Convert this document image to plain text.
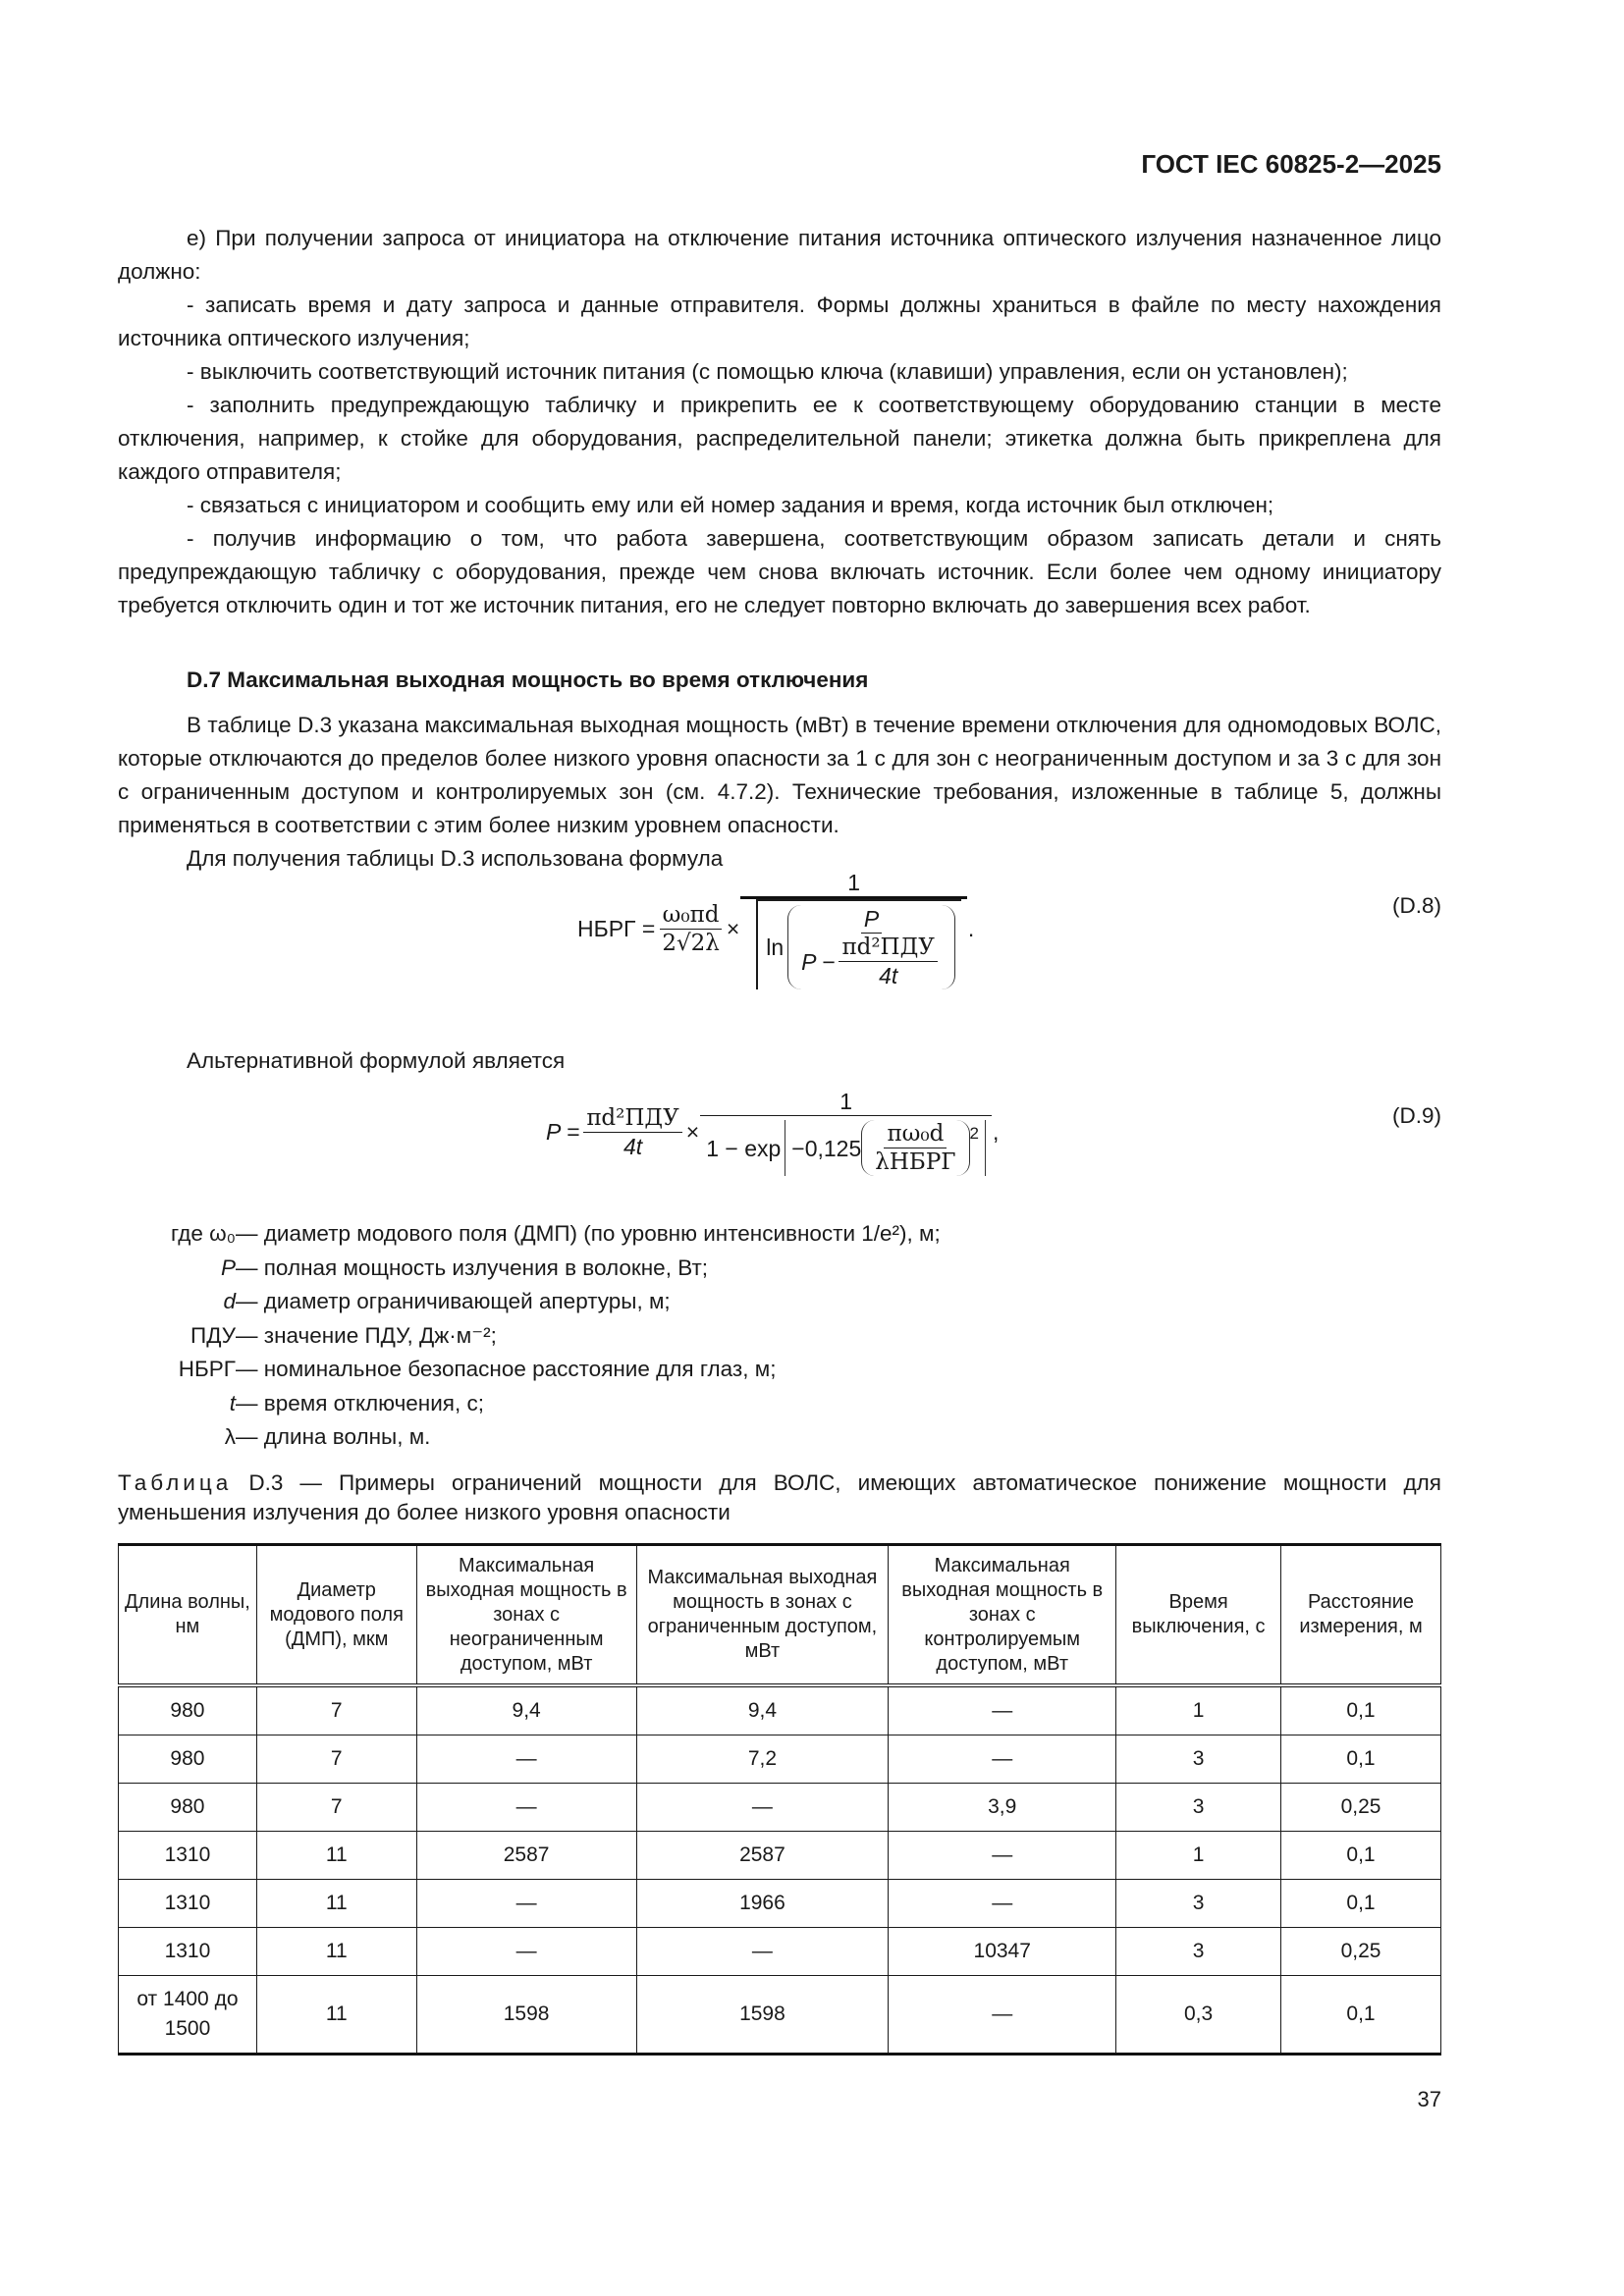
ГОСТ IEC 60825-2—2025

е) При получении запроса от инициатора на отключение питания источника оптического излучения назначенное лицо должно:

- записать время и дату запроса и данные отправителя. Формы должны храниться в файле по месту нахождения источника оптического излучения;

- выключить соответствующий источник питания (с помощью ключа (клавиши) управления, если он установлен);

- заполнить предупреждающую табличку и прикрепить ее к соответствующему оборудованию станции в месте отключения, например, к стойке для оборудования, распределительной панели; этикетка должна быть прикреплена для каждого отправителя;

- связаться с инициатором и сообщить ему или ей номер задания и время, когда источник был отключен;

- получив информацию о том, что работа завершена, соответствующим образом записать детали и снять предупреждающую табличку с оборудования, прежде чем снова включать источник. Если более чем одному инициатору требуется отключить один и тот же источник питания, его не следует повторно включать до завершения всех работ.

D.7 Максимальная выходная мощность во время отключения

В таблице D.3 указана максимальная выходная мощность (мВт) в течение времени отключения для одномодовых ВОЛС, которые отключаются до пределов более низкого уровня опасности за 1 с для зон с неограниченным доступом и за 3 с для зон с ограниченным доступом и контролируемых зон (см. 4.7.2). Технические требования, изложенные в таблице 5, должны применяться в соответствии с этим более низким уровнем опасности.

Для получения таблицы D.3 использована формула

НБРГ = $\frac{\text{ω₀πd}}{2√2\lambda} \times \frac{1}{\ln \frac{P}{P - \frac{\text{πd²ПДУ}}{4t}}}$ .
(D.8)

Альтернативной формулой является

$P = \frac{\text{πd²ПДУ}}{4t} \times \frac{1}{1 - \exp -0,125 \frac{\text{πω₀d}}{\text{λНБРГ}} ^2}$ ,
(D.9)
где ω₀ — диаметр модового поля (ДМП) (по уровню интенсивности 1/e²), м;
P — полная мощность излучения в волокне, Вт;
d — диаметр ограничивающей апертуры, м;
ПДУ — значение ПДУ, Дж·м⁻²;
НБРГ — номинальное безопасное расстояние для глаз, м;
t — время отключения, с;
λ — длина волны, м.

Таблица D.3 — Примеры ограничений мощности для ВОЛС, имеющих автоматическое понижение мощности для уменьшения излучения до более низкого уровня опасности

Длина волны, нм	Диаметр модового поля (ДМП), мкм	Максимальная выходная мощность в зонах с неограниченным доступом, мВт	Максимальная выходная мощность в зонах с ограниченным доступом, мВт	Максимальная выходная мощность в зонах с контролируемым доступом, мВт	Время выключения, с	Расстояние измерения, м
980	7	9,4	9,4	—	1	0,1
980	7	—	7,2	—	3	0,1
980	7	—	—	3,9	3	0,25
1310	11	2587	2587	—	1	0,1
1310	11	—	1966	—	3	0,1
1310	11	—	—	10347	3	0,25
от 1400 до 1500	11	1598	1598	—	0,3	0,1
37
